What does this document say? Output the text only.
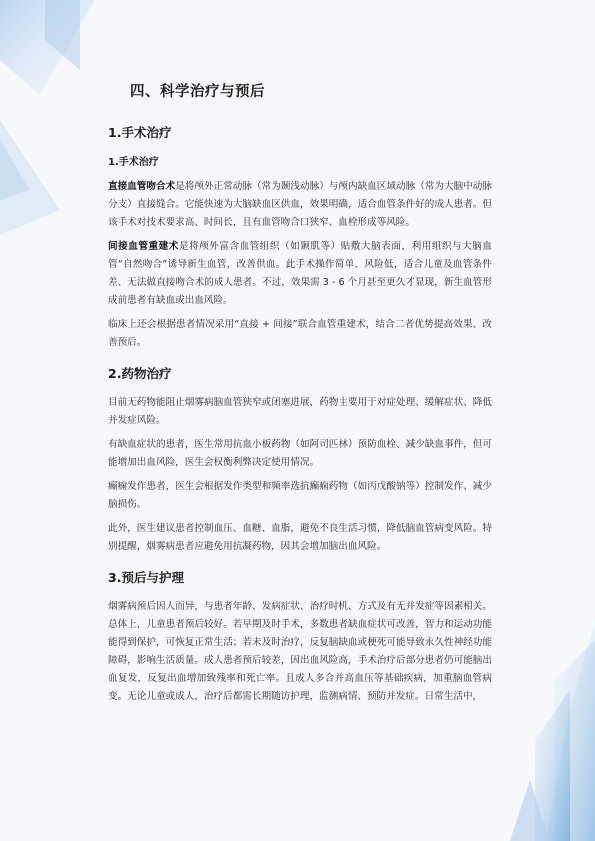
四、科学治疗与预后
1.手术治疗
1.手术治疗

直接血管吻合术是将颅外正常动脉（常为颞浅动脉）与颅内缺血区域动脉（常为大脑中动脉分支）直接缝合。它能快速为大脑缺血区供血，效果明确，适合血管条件好的成人患者。但该手术对技术要求高、时间长，且有血管吻合口狭窄、血栓形成等风险。

间接血管重建术是将颅外富含血管组织（如颞肌等）贴敷大脑表面，利用组织与大脑血管“自然吻合”诱导新生血管，改善供血。此手术操作简单、风险低，适合儿童及血管条件差、无法做直接吻合术的成人患者。不过，效果需 3 - 6 个月甚至更久才显现，新生血管形成前患者有缺血或出血风险。

临床上还会根据患者情况采用“直接 + 间接”联合血管重建术，结合二者优势提高效果、改善预后。

2.药物治疗

目前无药物能阻止烟雾病脑血管狭窄或闭塞进展，药物主要用于对症处理、缓解症状、降低并发症风险。

有缺血症状的患者，医生常用抗血小板药物（如阿司匹林）预防血栓、减少缺血事件，但可能增加出血风险，医生会权衡利弊决定使用情况。

癫痫发作患者，医生会根据发作类型和频率选抗癫痫药物（如丙戊酸钠等）控制发作、减少脑损伤。

此外，医生建议患者控制血压、血糖、血脂，避免不良生活习惯，降低脑血管病变风险。特别提醒，烟雾病患者应避免用抗凝药物，因其会增加脑出血风险。

3.预后与护理

烟雾病预后因人而异，与患者年龄、发病症状、治疗时机、方式及有无并发症等因素相关。总体上，儿童患者预后较好。若早期及时手术，多数患者缺血症状可改善，智力和运动功能能得到保护，可恢复正常生活；若未及时治疗，反复脑缺血或梗死可能导致永久性神经功能障碍，影响生活质量。成人患者预后较差，因出血风险高，手术治疗后部分患者仍可能脑出血复发，反复出血增加致残率和死亡率。且成人多合并高血压等基础疾病，加重脑血管病变。无论儿童或成人，治疗后都需长期随访护理，监测病情、预防并发症。日常生活中，
